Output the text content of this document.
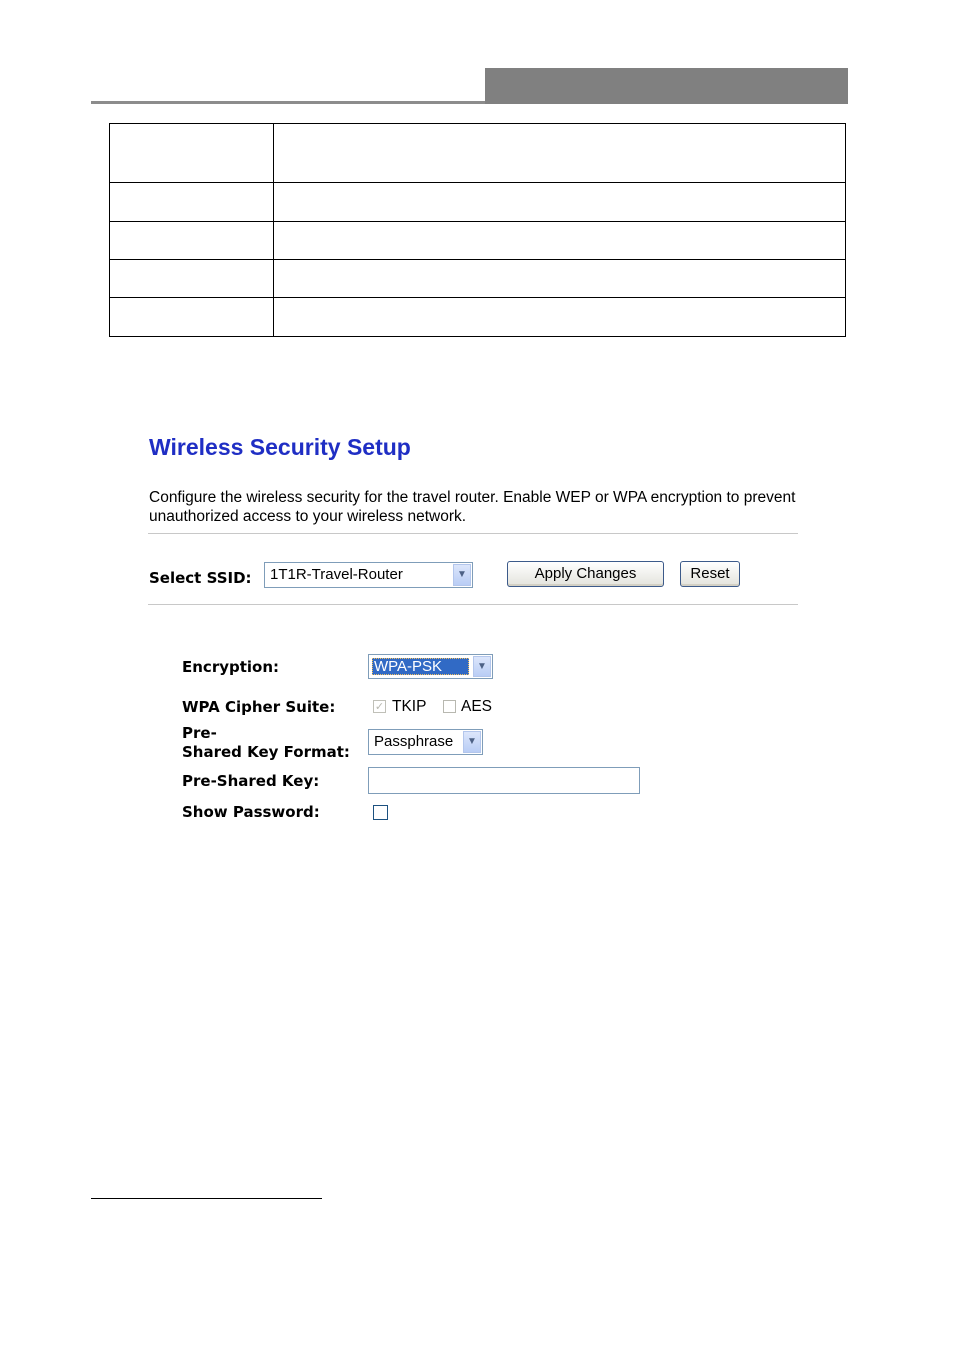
Wireless Security Setup
Configure the wireless security for the travel router. Enable WEP or WPA encryption to prevent unauthorized access to your wireless network.
Select SSID: 1T1R-Travel-Router	▼	Apply Changes	Reset
Encryption:	WPA-PSK	▼
WPA Cipher Suite:	✓ TKIP AES
Pre-
Shared Key Format:
Passphrase	▼
Pre-Shared Key:
Show Password:
